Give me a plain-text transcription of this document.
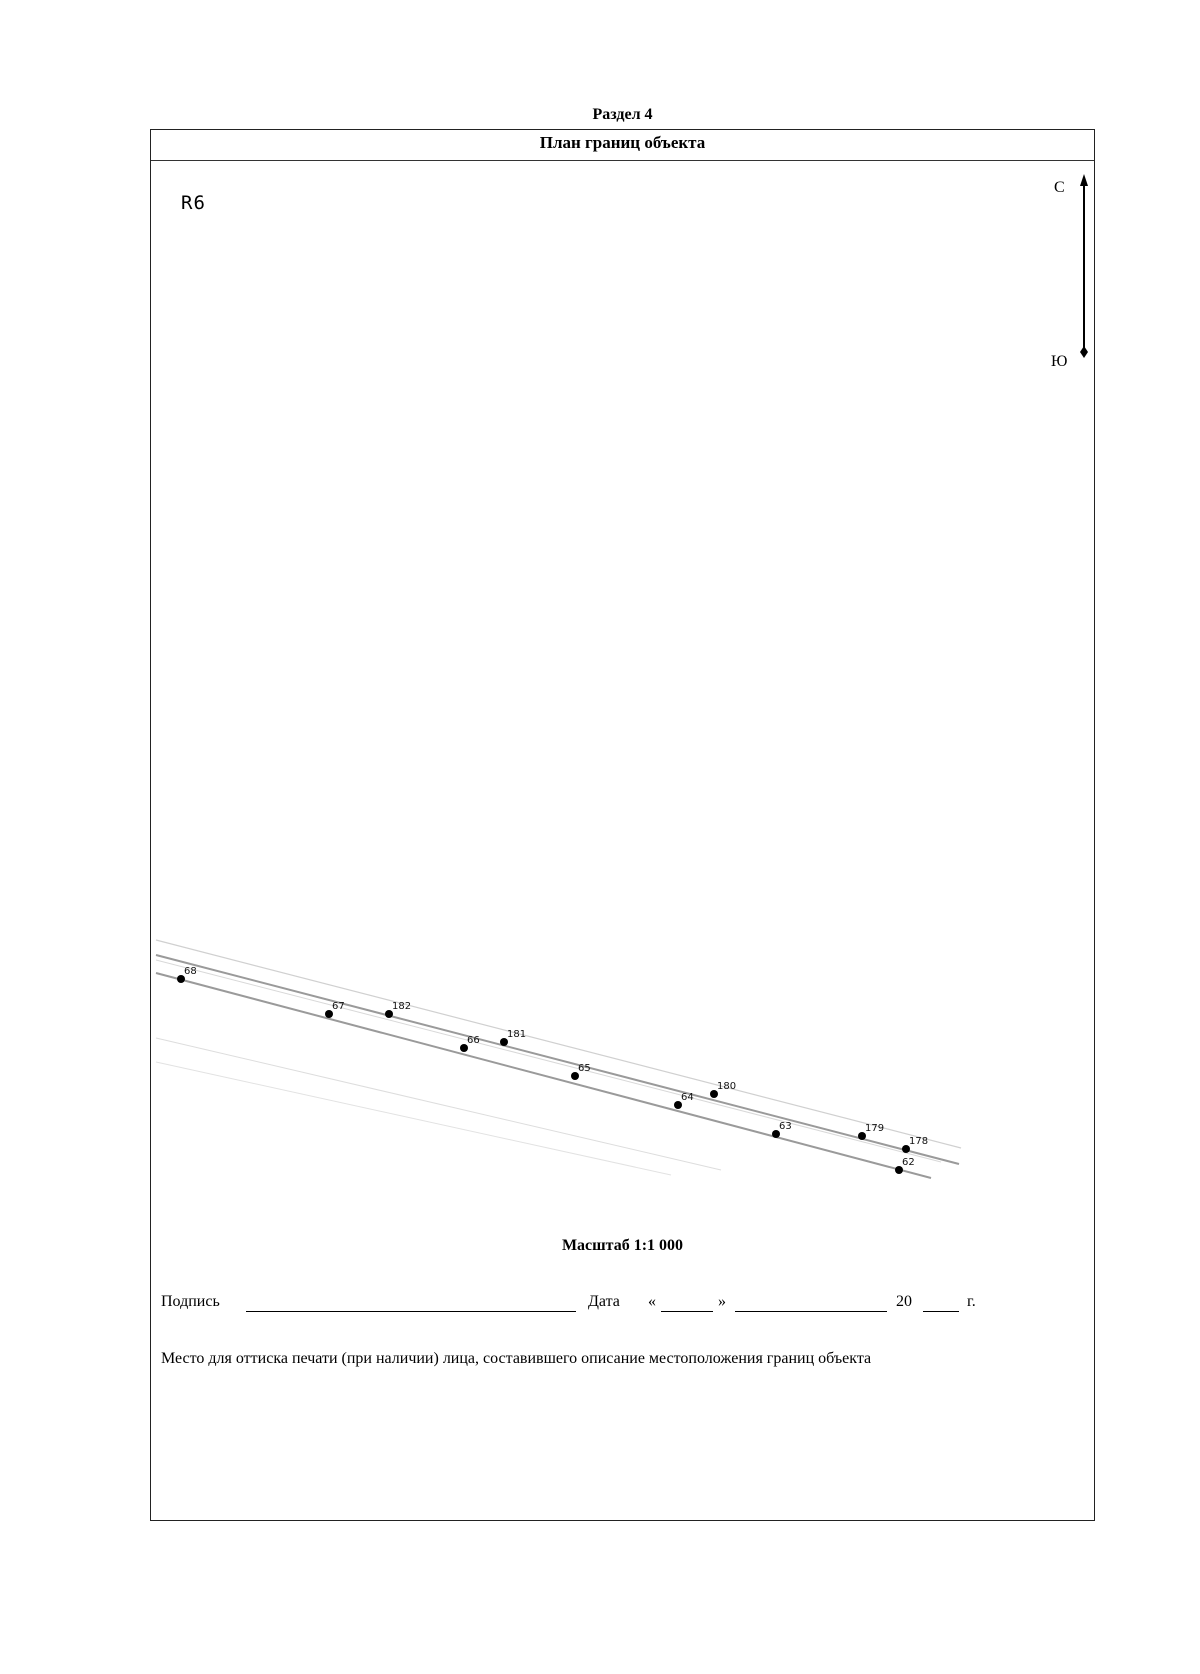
Раздел 4
План границ объекта
R6
С
Ю
68
67
66
65
64
63
62
182
181
180
179
178
Масштаб 1:1 000
Подпись	Дата «	»	20	г.
Место для оттиска печати (при наличии) лица, составившего описание местоположения границ объекта
